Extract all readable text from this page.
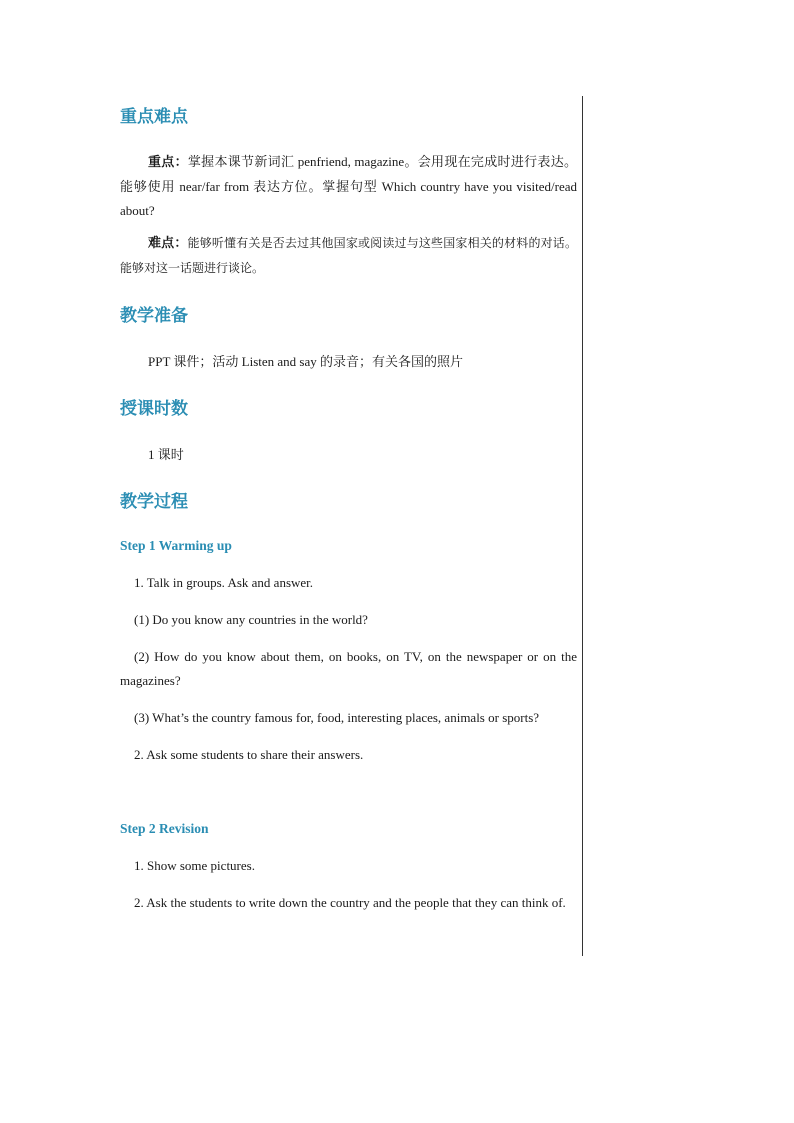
重点难点

重点：掌握本课节新词汇 penfriend, magazine。会用现在完成时进行表达。能够使用 near/far from 表达方位。掌握句型 Which country have you visited/read about?

难点：能够听懂有关是否去过其他国家或阅读过与这些国家相关的材料的对话。能够对这一话题进行谈论。

教学准备

PPT 课件；活动 Listen and say 的录音；有关各国的照片

授课时数

1 课时

教学过程
Step 1 Warming up

1. Talk in groups. Ask and answer.

(1) Do you know any countries in the world?

(2) How do you know about them, on books, on TV, on the newspaper or on the magazines?

(3) What’s the country famous for, food, interesting places, animals or sports?

2. Ask some students to share their answers.

Step 2 Revision

1. Show some pictures.

2. Ask the students to write down the country and the people that they can think of.
